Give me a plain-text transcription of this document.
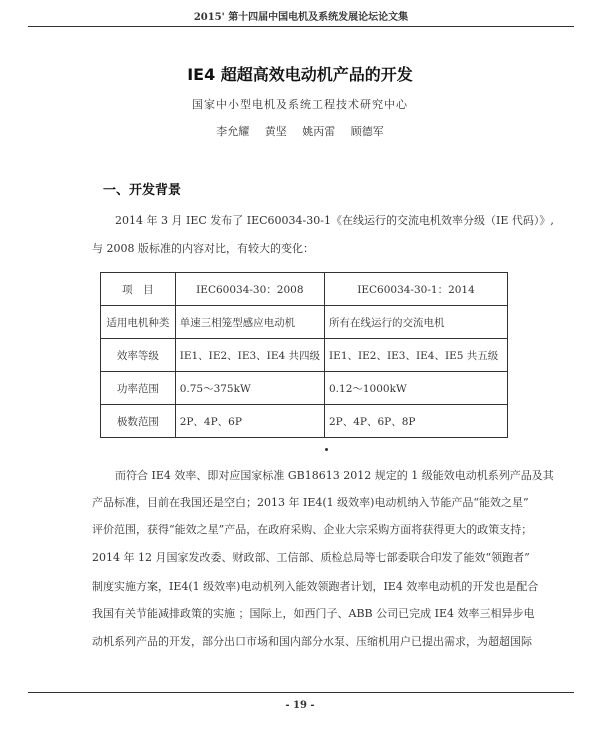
2015' 第十四届中国电机及系统发展论坛论文集
IE4 超超高效电动机产品的开发
国家中小型电机及系统工程技术研究中心
李允耀 黄坚 姚丙雷 顾德军
一、开发背景
2014 年 3 月 IEC 发布了 IEC60034-30-1《在线运行的交流电机效率分级（IE 代码）》,
与 2008 版标准的内容对比，有较大的变化：
项　目	IEC60034-30：2008	IEC60034-30-1：2014
适用电机种类	单速三相笼型感应电动机	所有在线运行的交流电机
效率等级	IE1、IE2、IE3、IE4 共四级	IE1、IE2、IE3、IE4、IE5 共五级
功率范围	0.75～375kW	0.12～1000kW
极数范围	2P、4P、6P	2P、4P、6P、8P
而符合 IE4 效率、即对应国家标准 GB18613 2012 规定的 1 级能效电动机系列产品及其
产品标准，目前在我国还是空白；2013 年 IE4(1 级效率)电动机纳入节能产品“能效之星”
评价范围，获得“能效之星”产品，在政府采购、企业大宗采购方面将获得更大的政策支持；
2014 年 12 月国家发改委、财政部、工信部、质检总局等七部委联合印发了能效“领跑者”
制度实施方案，IE4(1 级效率)电动机列入能效领跑者计划，IE4 效率电动机的开发也是配合
我国有关节能减排政策的实施 ；国际上，如西门子、ABB 公司已完成 IE4 效率三相异步电
动机系列产品的开发，部分出口市场和国内部分水泵、压缩机用户已提出需求，为超超国际
- 19 -
